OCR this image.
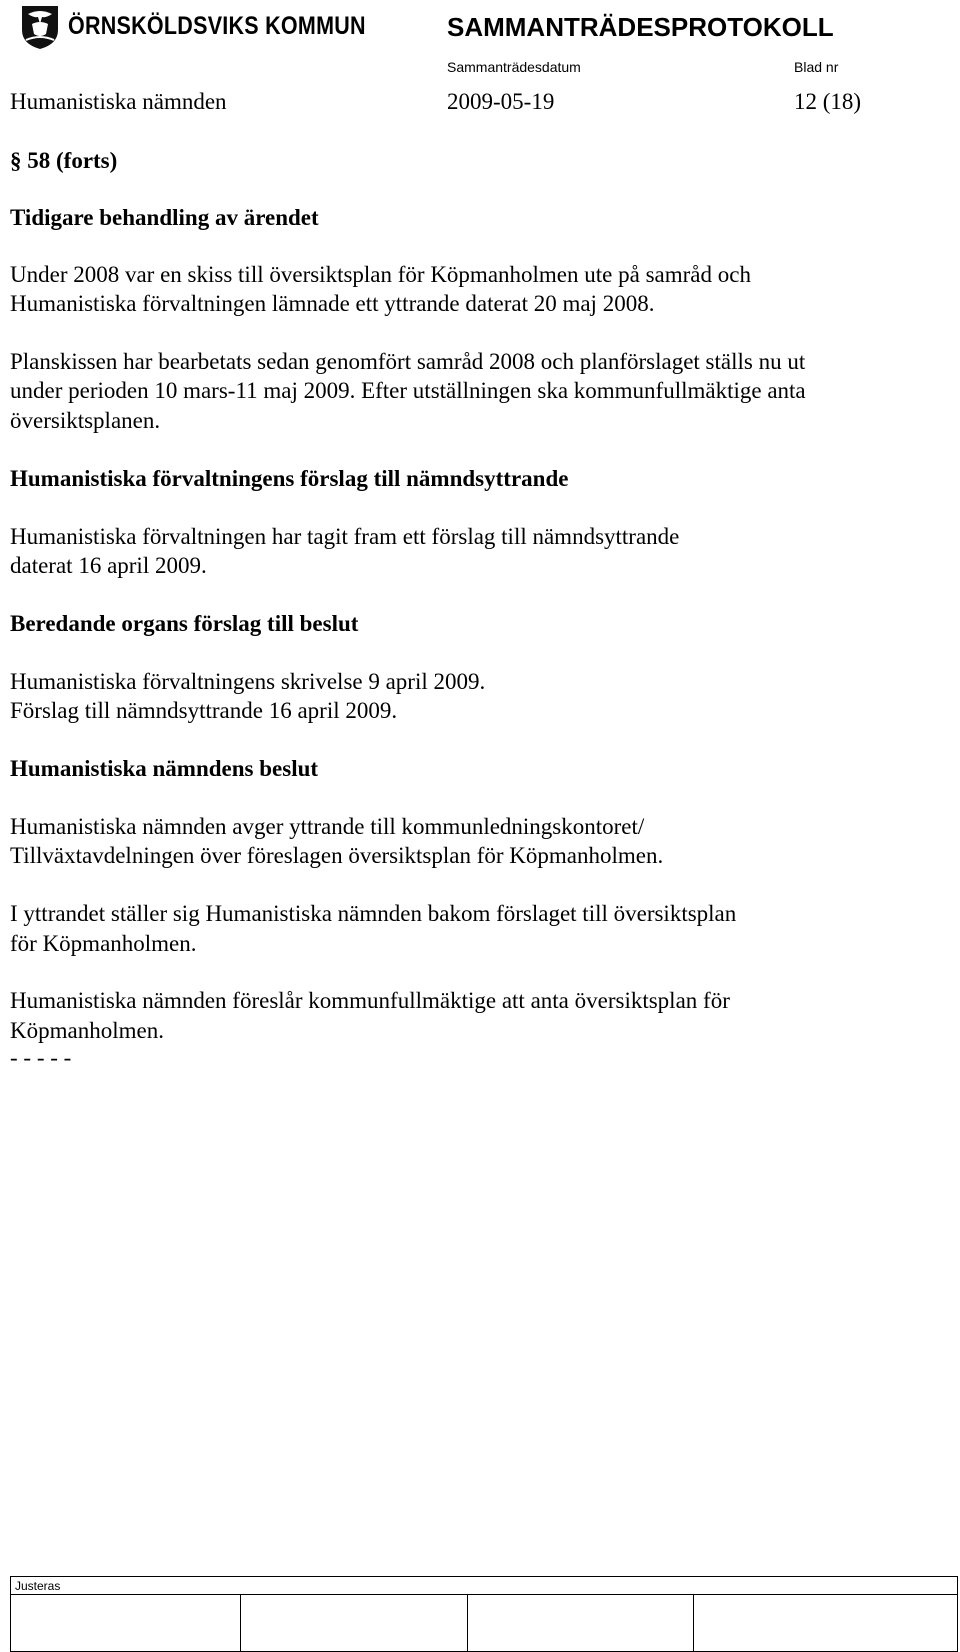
ÖRNSKÖLDSVIKS KOMMUN	SAMMANTRÄDESPROTOKOLL
Sammanträdesdatum	Blad nr
Humanistiska nämnden	2009-05-19	12 (18)
§ 58 (forts)
Tidigare behandling av ärendet
Under 2008 var en skiss till översiktsplan för Köpmanholmen ute på samråd och
Humanistiska förvaltningen lämnade ett yttrande daterat 20 maj 2008.
Planskissen har bearbetats sedan genomfört samråd 2008 och planförslaget ställs nu ut
under perioden 10 mars-11 maj 2009. Efter utställningen ska kommunfullmäktige anta
översiktsplanen.
Humanistiska förvaltningens förslag till nämndsyttrande
Humanistiska förvaltningen har tagit fram ett förslag till nämndsyttrande
daterat 16 april 2009.
Beredande organs förslag till beslut
Humanistiska förvaltningens skrivelse 9 april 2009.
Förslag till nämndsyttrande 16 april 2009.
Humanistiska nämndens beslut
Humanistiska nämnden avger yttrande till kommunledningskontoret/
Tillväxtavdelningen över föreslagen översiktsplan för Köpmanholmen.
I yttrandet ställer sig Humanistiska nämnden bakom förslaget till översiktsplan
för Köpmanholmen.
Humanistiska nämnden föreslår kommunfullmäktige att anta översiktsplan för
Köpmanholmen.
- - - - -
Justeras
